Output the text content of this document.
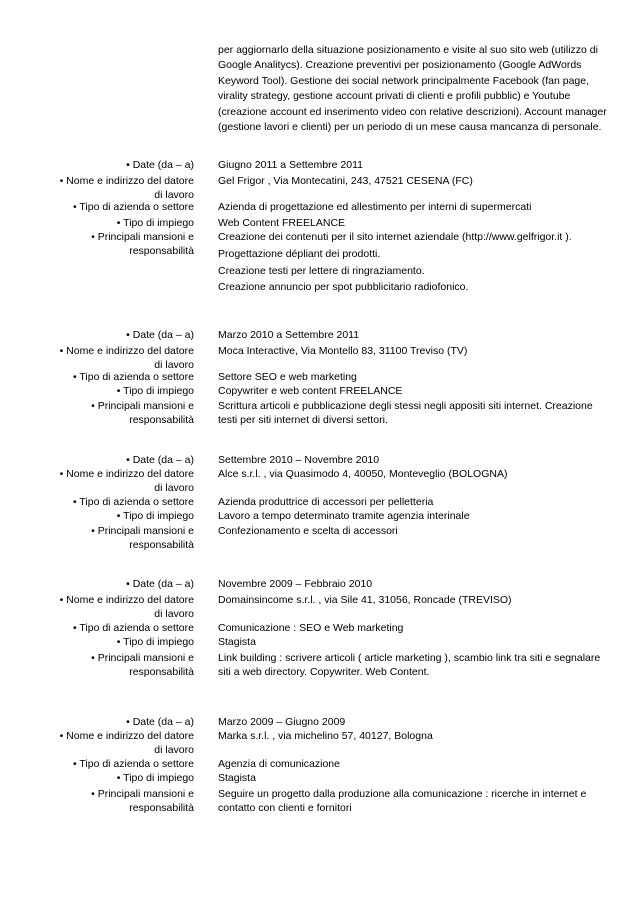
per aggiornarlo della situazione posizionamento e visite al suo sito web (utilizzo di Google Analitycs). Creazione preventivi per posizionamento (Google AdWords Keyword Tool). Gestione dei social network principalmente Facebook (fan page, virality strategy, gestione account privati di clienti e profili pubblic) e Youtube (creazione account ed inserimento video con relative descrizioni). Account manager (gestione lavori e clienti) per un periodo di un mese causa mancanza di personale.
• Date (da – a) Giugno 2011 a Settembre 2011
• Nome e indirizzo del datore di lavoro
Gel Frigor , Via Montecatini, 243, 47521 CESENA (FC)
• Tipo di azienda o settore Azienda di progettazione ed allestimento per interni di supermercati
• Tipo di impiego Web Content FREELANCE
• Principali mansioni e responsabilità
Creazione dei contenuti per il sito internet aziendale (http://www.gelfrigor.it ).
Progettazione dépliant dei prodotti.
Creazione testi per lettere di ringraziamento.
Creazione annuncio per spot pubblicitario radiofonico.
• Date (da – a) Marzo 2010 a Settembre 2011
• Nome e indirizzo del datore di lavoro
Moca Interactive, Via Montello 83, 31100 Treviso (TV)
• Tipo di azienda o settore Settore SEO e web marketing
• Tipo di impiego Copywriter e web content FREELANCE
• Principali mansioni e responsabilità
Scrittura articoli e pubblicazione degli stessi negli appositi siti internet. Creazione testi per siti internet di diversi settori.
• Date (da – a) Settembre 2010 – Novembre 2010
• Nome e indirizzo del datore di lavoro
Alce s.r.l. , via Quasimodo 4, 40050, Monteveglio (BOLOGNA)
• Tipo di azienda o settore Azienda produttrice di accessori per pelletteria
• Tipo di impiego Lavoro a tempo determinato tramite agenzia interinale
• Principali mansioni e responsabilità
Confezionamento e scelta di accessori
• Date (da – a) Novembre 2009 – Febbraio 2010
• Nome e indirizzo del datore di lavoro
Domainsincome s.r.l. , via Sile 41, 31056, Roncade (TREVISO)
• Tipo di azienda o settore Comunicazione : SEO e Web marketing
• Tipo di impiego Stagista
• Principali mansioni e responsabilità
Link building : scrivere articoli ( article marketing ), scambio link tra siti e segnalare siti a web directory. Copywriter. Web Content.
• Date (da – a) Marzo 2009 – Giugno 2009
• Nome e indirizzo del datore di lavoro
Marka s.r.l. , via michelino 57, 40127, Bologna
• Tipo di azienda o settore Agenzia di comunicazione
• Tipo di impiego Stagista
• Principali mansioni e responsabilità
Seguire un progetto dalla produzione alla comunicazione : ricerche in internet e contatto con clienti e fornitori
